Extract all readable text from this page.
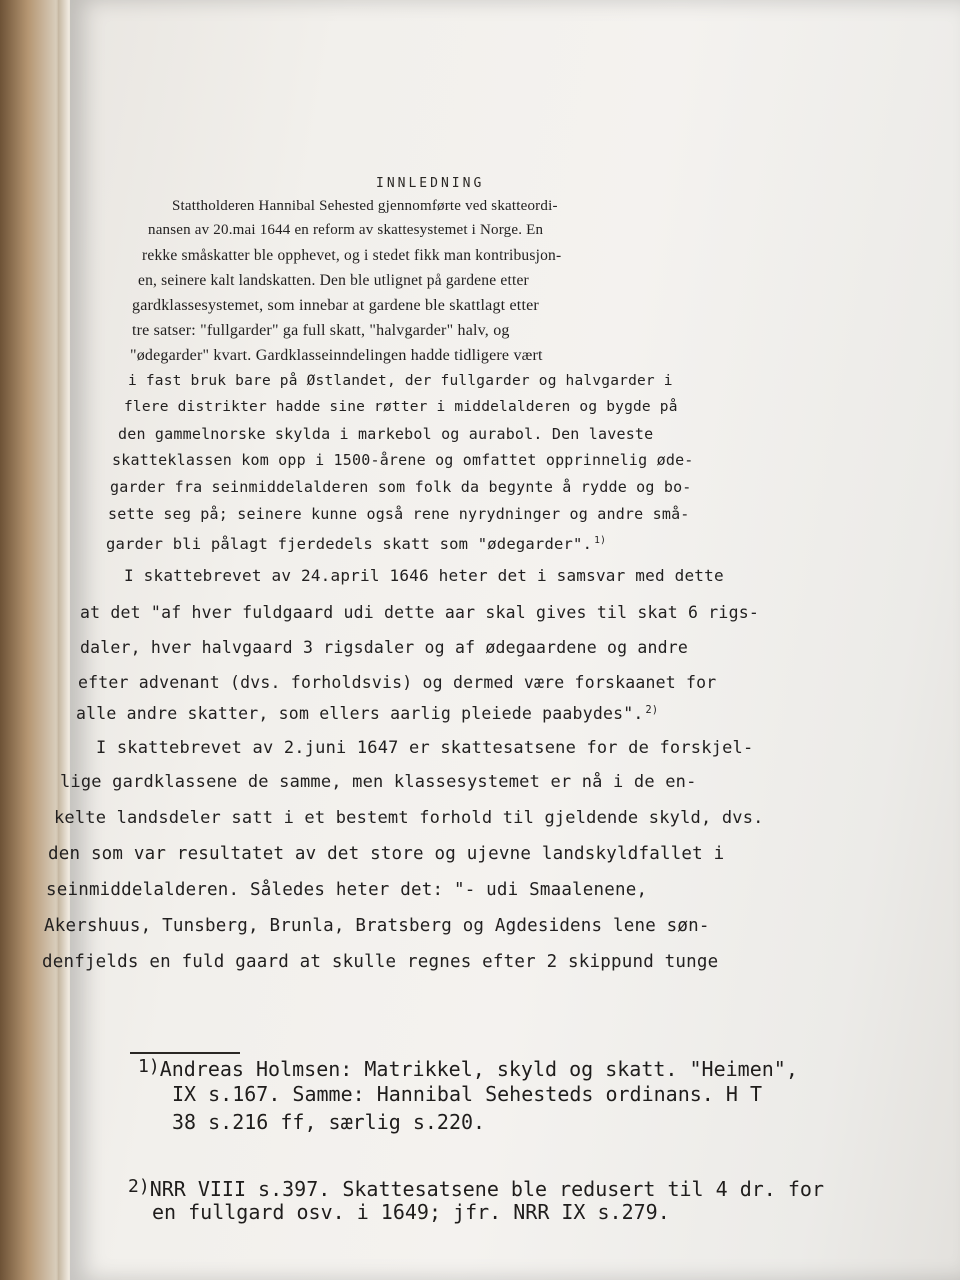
INNLEDNING
Stattholderen Hannibal Sehested gjennomførte ved skatteordi-
nansen av 20.mai 1644 en reform av skattesystemet i Norge. En
rekke småskatter ble opphevet, og i stedet fikk man kontribusjon-
en, seinere kalt landskatten. Den ble utlignet på gardene etter
gardklassesystemet, som innebar at gardene ble skattlagt etter
tre satser: "fullgarder" ga full skatt, "halvgarder" halv, og
"ødegarder" kvart. Gardklasseinndelingen hadde tidligere vært
i fast bruk bare på Østlandet, der fullgarder og halvgarder i
flere distrikter hadde sine røtter i middelalderen og bygde på
den gammelnorske skylda i markebol og aurabol. Den laveste
skatteklassen kom opp i 1500-årene og omfattet opprinnelig øde-
garder fra seinmiddelalderen som folk da begynte å rydde og bo-
sette seg på; seinere kunne også rene nyrydninger og andre små-
garder bli pålagt fjerdedels skatt som "ødegarder". $^{1)}$
I skattebrevet av 24.april 1646 heter det i samsvar med dette
at det "af hver fuldgaard udi dette aar skal gives til skat 6 rigs-
daler, hver halvgaard 3 rigsdaler og af ødegaardene og andre
efter advenant (dvs. forholdsvis) og dermed være forskaanet for
alle andre skatter, som ellers aarlig pleiede paabydes". $^{2)}$
I skattebrevet av 2.juni 1647 er skattesatsene for de forskjel-
lige gardklassene de samme, men klassesystemet er nå i de en-
kelte landsdeler satt i et bestemt forhold til gjeldende skyld, dvs.
den som var resultatet av det store og ujevne landskyldfallet i
seinmiddelalderen. Således heter det: "- udi Smaalenene,
Akershuus, Tunsberg, Brunla, Bratsberg og Agdesidens lene søn-
denfjelds en fuld gaard at skulle regnes efter 2 skippund tunge
1)Andreas Holmsen: Matrikkel, skyld og skatt. "Heimen",
IX s.167. Samme: Hannibal Sehesteds ordinans. H T
38 s.216 ff, særlig s.220.
2)NRR VIII s.397. Skattesatsene ble redusert til 4 dr. for
en fullgard osv. i 1649; jfr. NRR IX s.279.
